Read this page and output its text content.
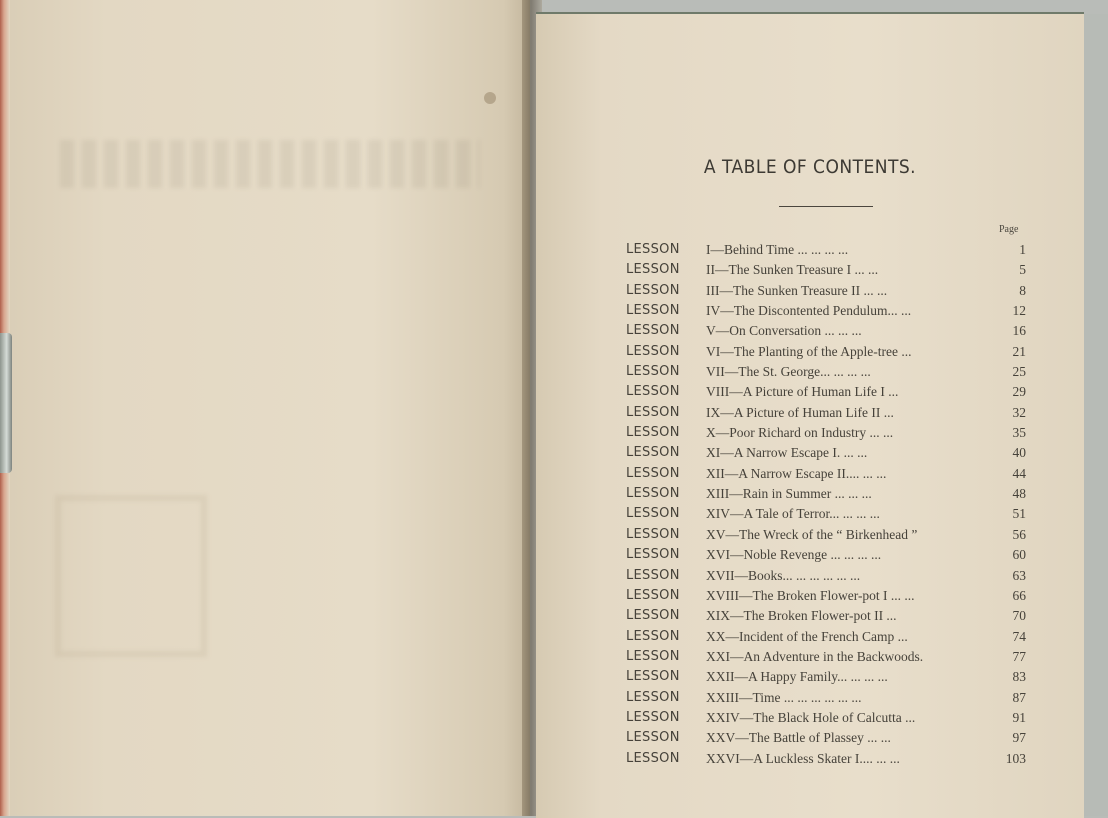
A TABLE OF CONTENTS.
Page
LESSON I—Behind Time ... ... ... ...	1
LESSON II—The Sunken Treasure I ... ...	5
LESSON III—The Sunken Treasure II ... ...	8
LESSON IV—The Discontented Pendulum... ...	12
LESSON V—On Conversation ... ... ...	16
LESSON VI—The Planting of the Apple-tree ...	21
LESSON VII—The St. George... ... ... ...	25
LESSON VIII—A Picture of Human Life I ...	29
LESSON IX—A Picture of Human Life II ...	32
LESSON X—Poor Richard on Industry ... ...	35
LESSON XI—A Narrow Escape I. ... ...	40
LESSON XII—A Narrow Escape II.... ... ...	44
LESSON XIII—Rain in Summer ... ... ...	48
LESSON XIV—A Tale of Terror... ... ... ...	51
LESSON XV—The Wreck of the “ Birkenhead ”	56
LESSON XVI—Noble Revenge ... ... ... ...	60
LESSON XVII—Books... ... ... ... ... ...	63
LESSON XVIII—The Broken Flower-pot I ... ...	66
LESSON XIX—The Broken Flower-pot II ...	70
LESSON XX—Incident of the French Camp ...	74
LESSON XXI—An Adventure in the Backwoods.	77
LESSON XXII—A Happy Family... ... ... ...	83
LESSON XXIII—Time ... ... ... ... ... ...	87
LESSON XXIV—The Black Hole of Calcutta ...	91
LESSON XXV—The Battle of Plassey ... ...	97
LESSON XXVI—A Luckless Skater I.... ... ...	103
